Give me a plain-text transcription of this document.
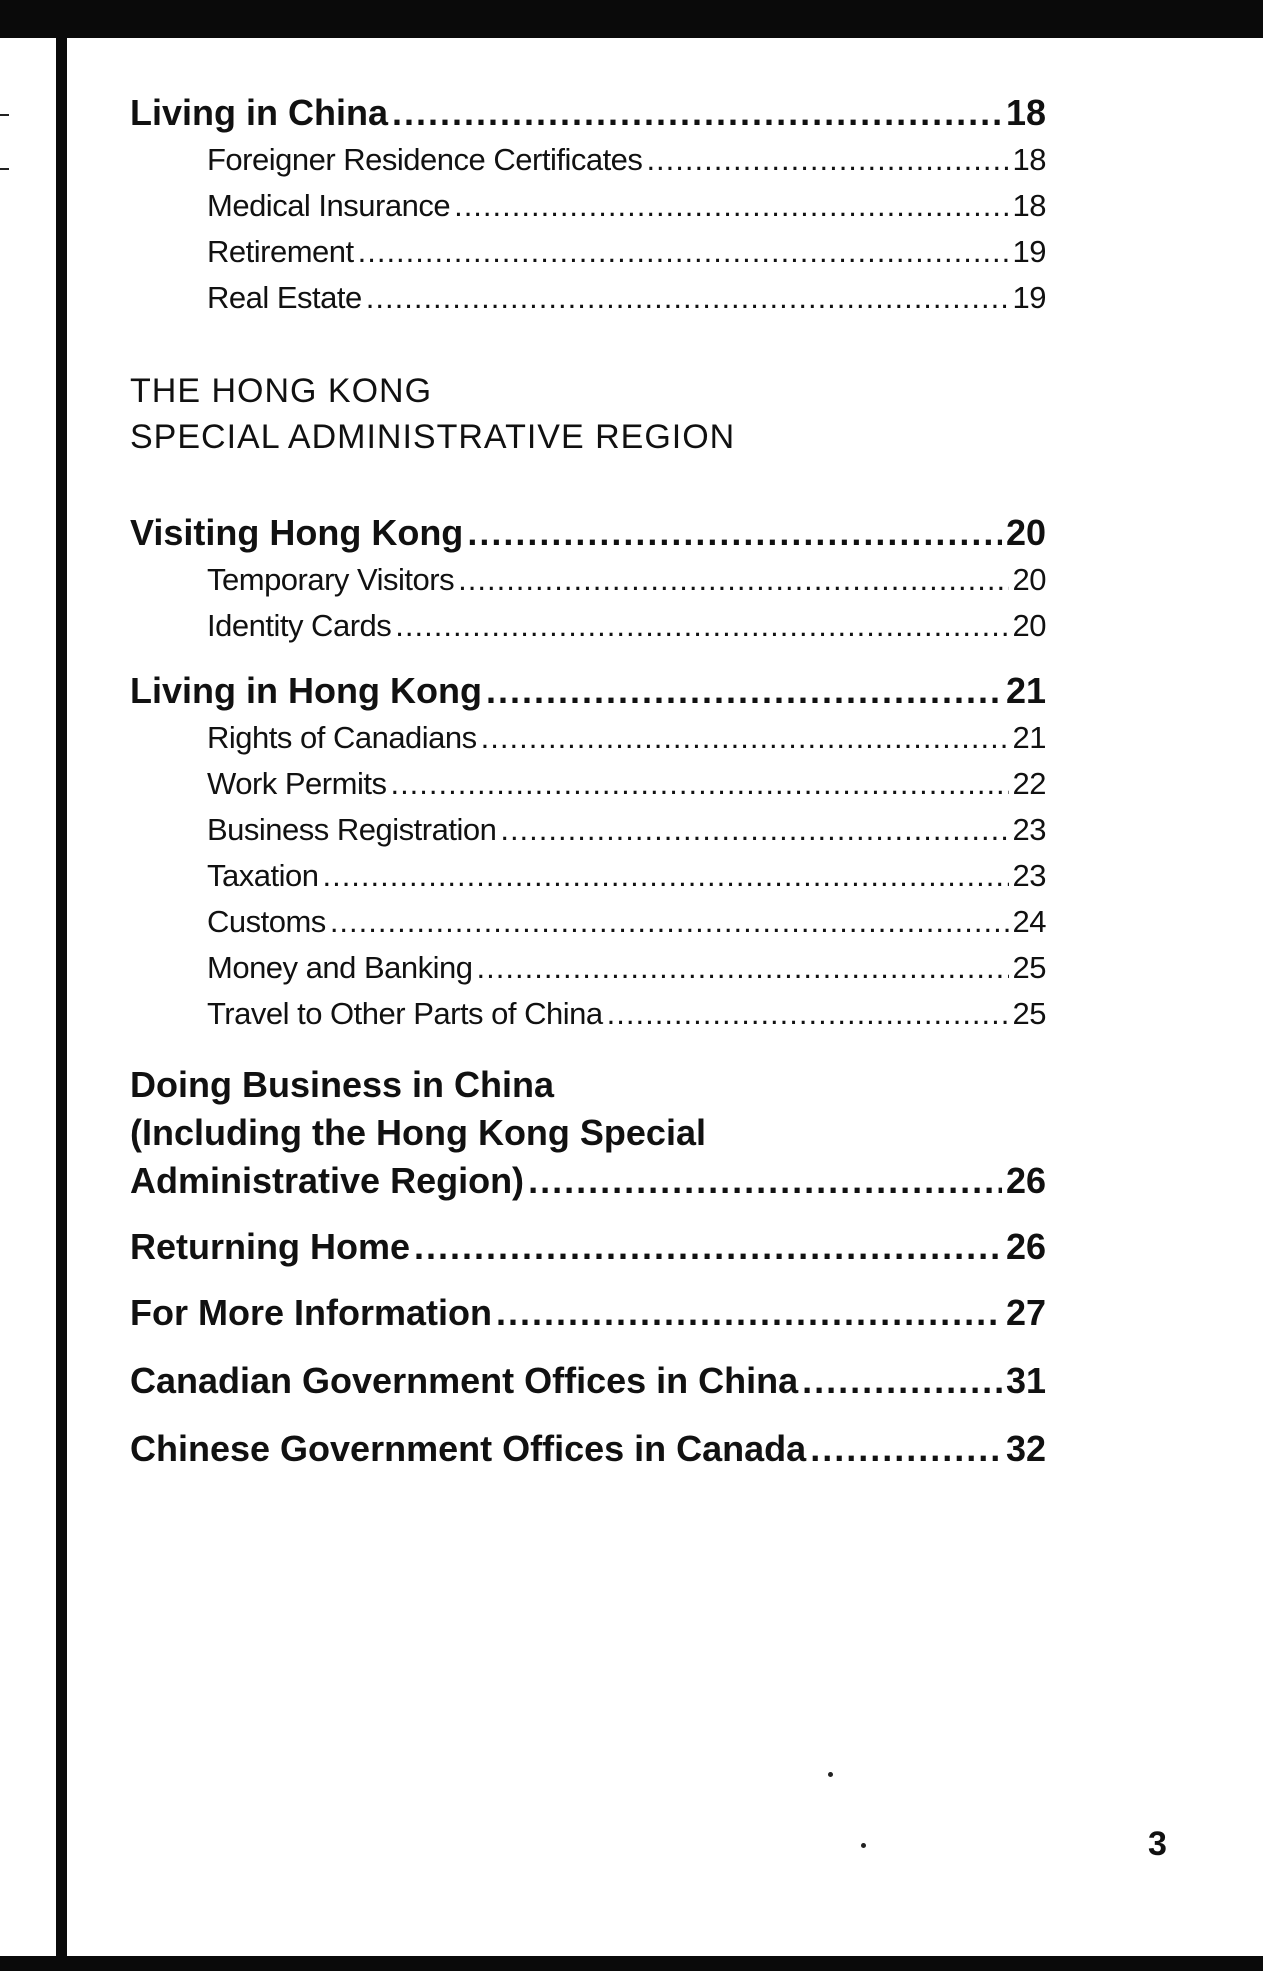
Living in China .....	18
Foreigner Residence Certificates .....	18
Medical Insurance .....	18
Retirement .....	19
Real Estate .....	19
THE HONG KONG
SPECIAL ADMINISTRATIVE REGION
Visiting Hong Kong .....	20
Temporary Visitors .....	20
Identity Cards .....	20
Living in Hong Kong .....	21
Rights of Canadians .....	21
Work Permits .....	22
Business Registration .....	23
Taxation .....	23
Customs .....	24
Money and Banking .....	25
Travel to Other Parts of China .....	25
Doing Business in China
(Including the Hong Kong Special
Administrative Region) .....	26
Returning Home .....	26
For More Information .....	27
Canadian Government Offices in China .....	31
Chinese Government Offices in Canada .....	32
3
